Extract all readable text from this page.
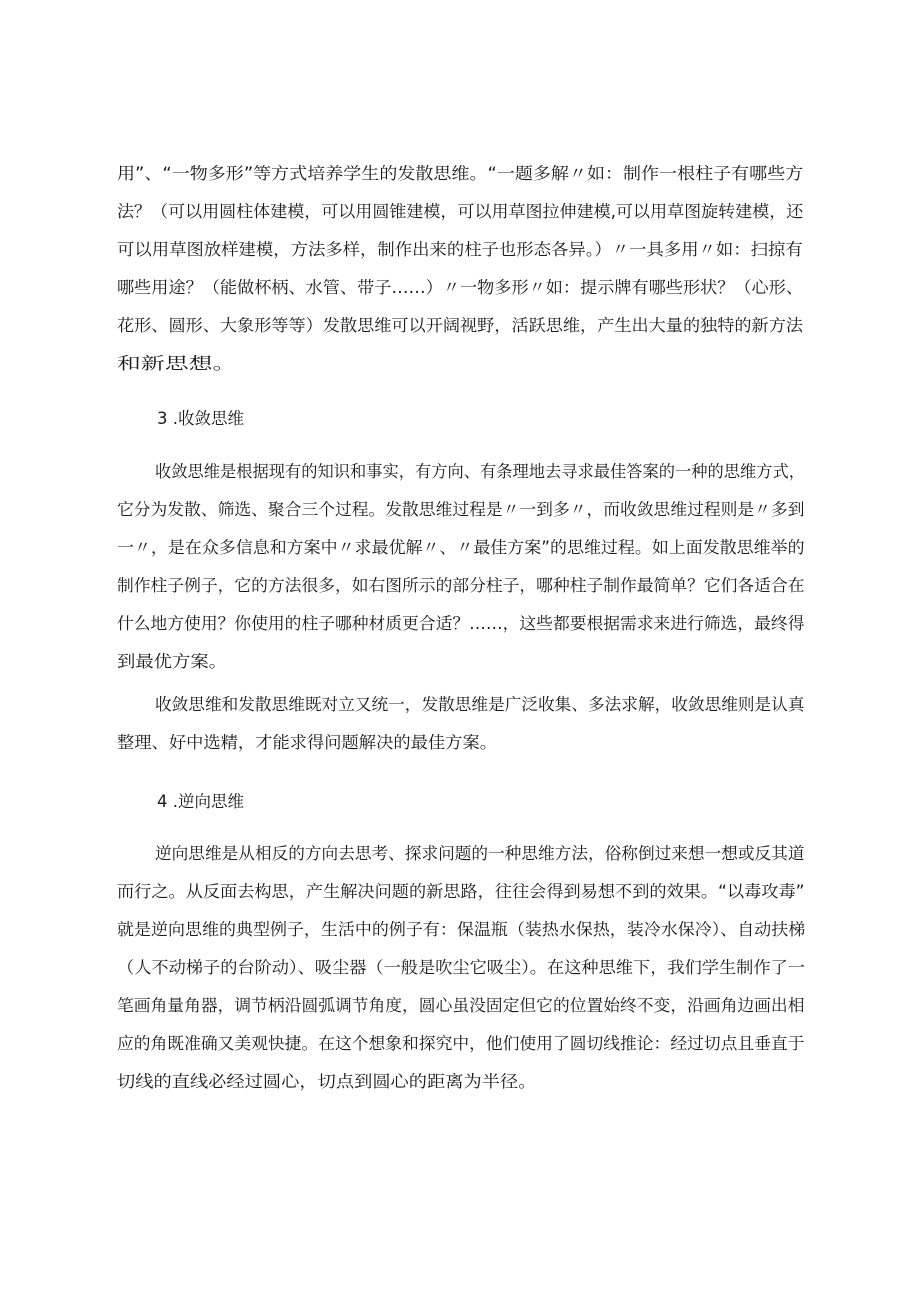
用”、“一物多形”等方式培养学生的发散思维。“一题多解〃如：制作一根柱子有哪些方
法？（可以用圆柱体建模，可以用圆锥建模，可以用草图拉伸建模,可以用草图旋转建模，还
可以用草图放样建模，方法多样，制作出来的柱子也形态各异。）〃一具多用〃如：扫掠有
哪些用途？（能做杯柄、水管、带子……）〃一物多形〃如：提示牌有哪些形状？（心形、
花形、圆形、大象形等等）发散思维可以开阔视野，活跃思维，产生出大量的独特的新方法
和新思想。
3 .收敛思维
收敛思维是根据现有的知识和事实，有方向、有条理地去寻求最佳答案的一种的思维方式，
它分为发散、筛选、聚合三个过程。发散思维过程是〃一到多〃，而收敛思维过程则是〃多到
一〃，是在众多信息和方案中〃求最优解〃、〃最佳方案”的思维过程。如上面发散思维举的
制作柱子例子，它的方法很多，如右图所示的部分柱子，哪种柱子制作最简单？它们各适合在
什么地方使用？你使用的柱子哪种材质更合适？……，这些都要根据需求来进行筛选，最终得
到最优方案。
收敛思维和发散思维既对立又统一，发散思维是广泛收集、多法求解，收敛思维则是认真
整理、好中选精，才能求得问题解决的最佳方案。
4 .逆向思维
逆向思维是从相反的方向去思考、探求问题的一种思维方法，俗称倒过来想一想或反其道
而行之。从反面去构思，产生解决问题的新思路，往往会得到易想不到的效果。“以毒攻毒”
就是逆向思维的典型例子，生活中的例子有：保温瓶（装热水保热，装冷水保冷）、自动扶梯
（人不动梯子的台阶动）、吸尘器（一般是吹尘它吸尘）。在这种思维下，我们学生制作了一
笔画角量角器，调节柄沿圆弧调节角度，圆心虽没固定但它的位置始终不变，沿画角边画出相
应的角既准确又美观快捷。在这个想象和探究中，他们使用了圆切线推论：经过切点且垂直于
切线的直线必经过圆心，切点到圆心的距离为半径。
